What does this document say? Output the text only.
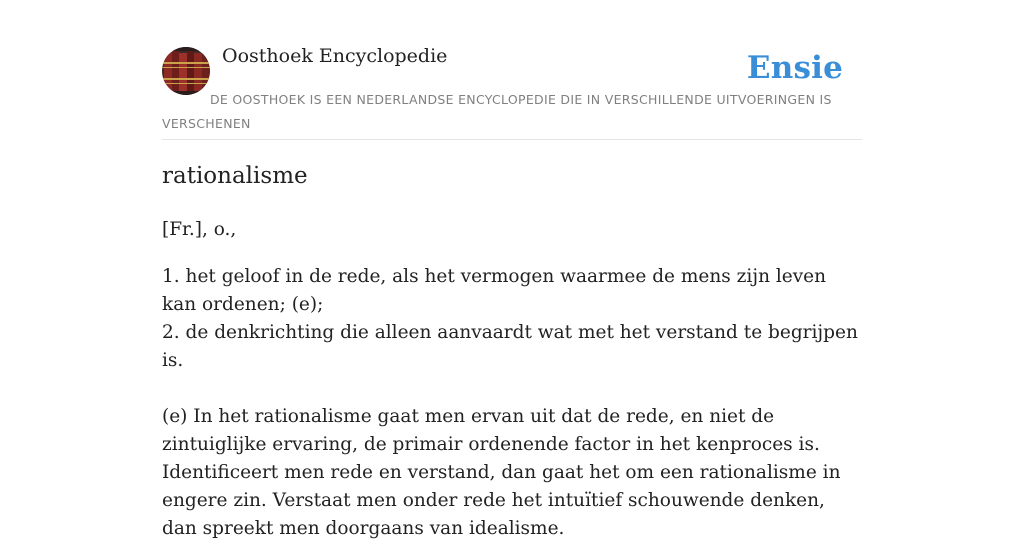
Oosthoek Encyclopedie	Ensie
DE OOSTHOEK IS EEN NEDERLANDSE ENCYCLOPEDIE DIE IN VERSCHILLENDE UITVOERINGEN IS VERSCHENEN
rationalisme

[Fr.], o.,

1. het geloof in de rede, als het vermogen waarmee de mens zijn leven kan ordenen; (e);

2. de denkrichting die alleen aanvaardt wat met het verstand te begrijpen is.

(e) In het rationalisme gaat men ervan uit dat de rede, en niet de zintuiglijke ervaring, de primair ordenende factor in het kenproces is. Identificeert men rede en verstand, dan gaat het om een rationalisme in engere zin. Verstaat men onder rede het intuïtief schouwende denken, dan spreekt men doorgaans van idealisme.
